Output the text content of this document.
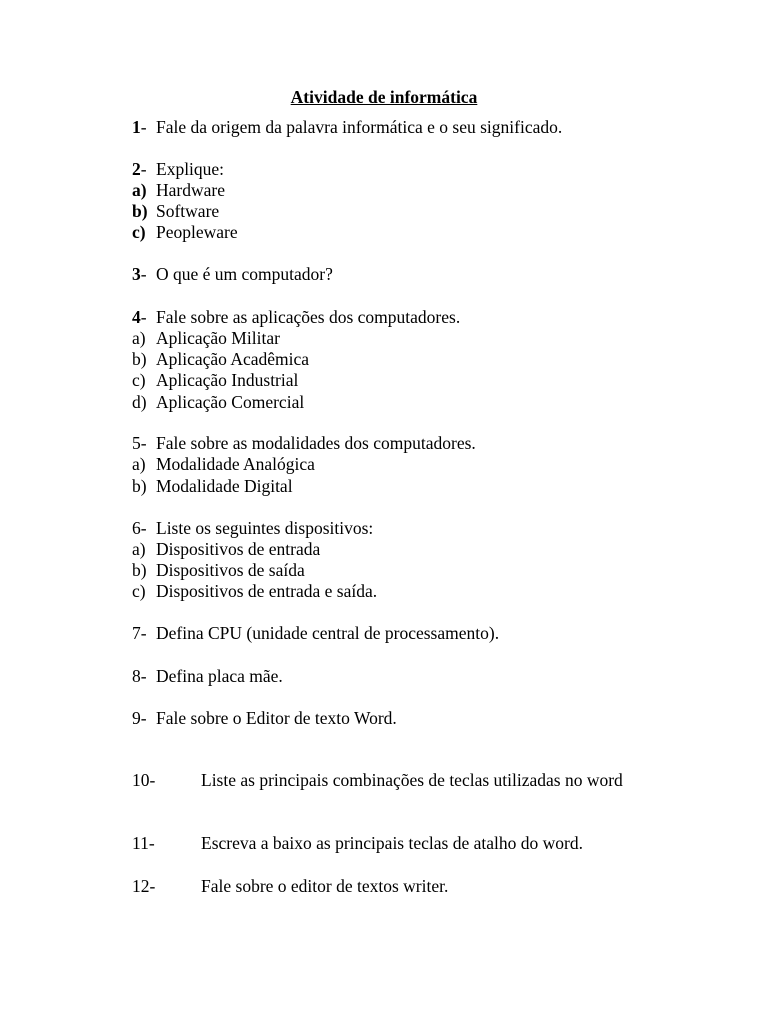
Atividade de informática
1- Fale da origem da palavra informática e o seu significado.
2- Explique:
a) Hardware
b) Software
c) Peopleware
3- O que é um computador?
4- Fale sobre as aplicações dos computadores.
a) Aplicação Militar
b) Aplicação Acadêmica
c) Aplicação Industrial
d) Aplicação Comercial
5- Fale sobre as modalidades dos computadores.
a) Modalidade Analógica
b) Modalidade Digital
6- Liste os seguintes dispositivos:
a) Dispositivos de entrada
b) Dispositivos de saída
c) Dispositivos de entrada e saída.
7- Defina CPU (unidade central de processamento).
8- Defina placa mãe.
9- Fale sobre o Editor de texto Word.
10-	Liste as principais combinações de teclas utilizadas no word
11-	Escreva a baixo as principais teclas de atalho do word.
12-	Fale sobre o editor de textos writer.
